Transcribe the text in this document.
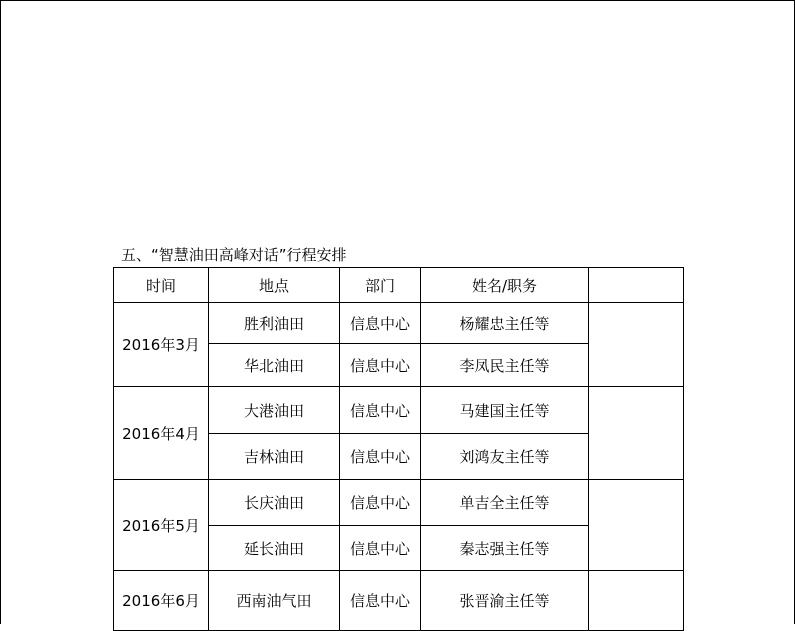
五、“智慧油田高峰对话”行程安排
时间	地点	部门	姓名/职务	
2016年3月	胜利油田	信息中心	杨耀忠主任等	
	华北油田	信息中心	李凤民主任等	
2016年4月	大港油田	信息中心	马建国主任等	
	吉林油田	信息中心	刘鸿友主任等	
2016年5月	长庆油田	信息中心	单吉全主任等	
	延长油田	信息中心	秦志强主任等	
2016年6月	西南油气田	信息中心	张晋渝主任等	
